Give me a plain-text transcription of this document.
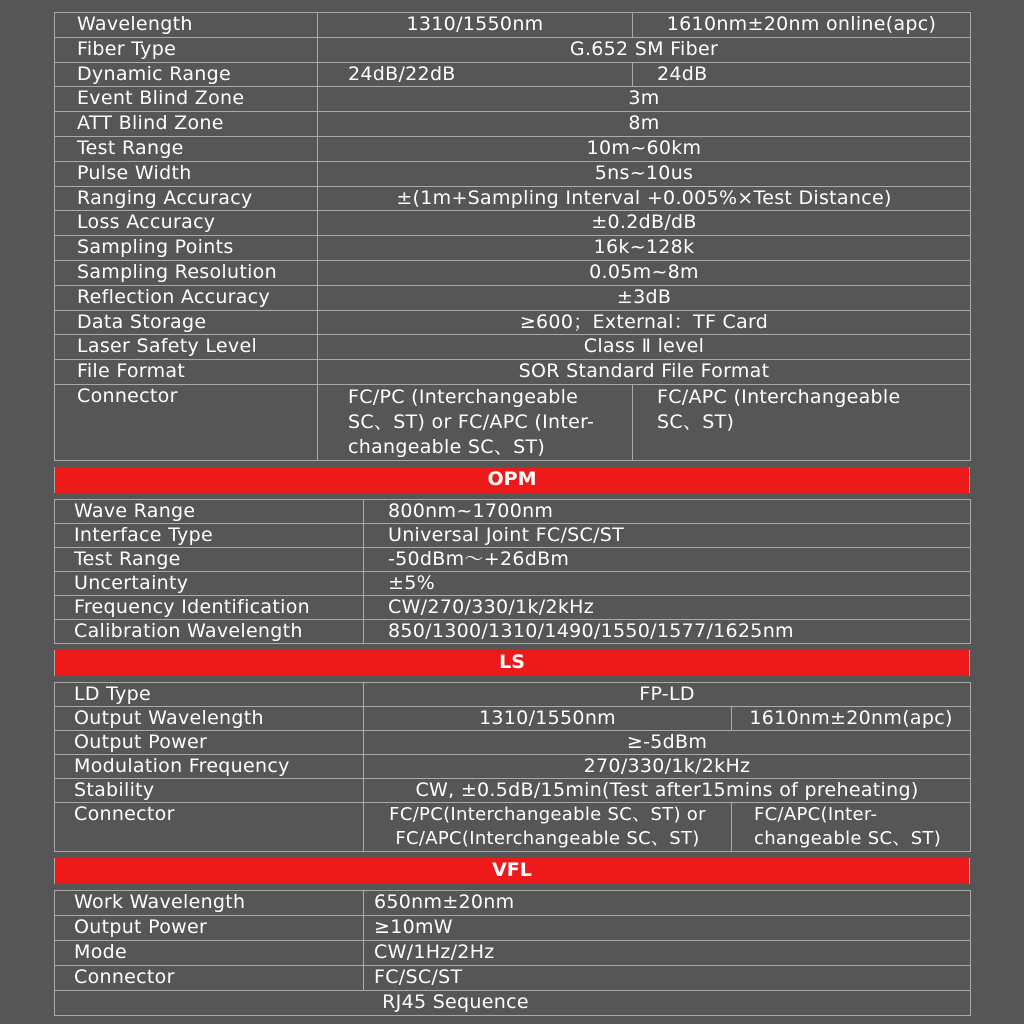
Wavelength	1310/1550nm	1610nm±20nm online(apc)
Fiber Type	G.652 SM Fiber	
Dynamic Range	24dB/22dB	24dB
Event Blind Zone	3m	
ATT Blind Zone	8m	
Test Range	10m~60km	
Pulse Width	5ns~10us	
Ranging Accuracy	±(1m+Sampling Interval +0.005%×Test Distance)	
Loss Accuracy	±0.2dB/dB	
Sampling Points	16k~128k	
Sampling Resolution	0.05m~8m	
Reflection Accuracy	±3dB	
Data Storage	≥600；External：TF Card	
Laser Safety Level	Class Ⅱ level	
File Format	SOR Standard File Format	
Connector	FC/PC (Interchangeable SC、ST) or FC/APC (Inter-changeable SC、ST)	FC/APC (Interchangeable SC、ST)
OPM
Wave Range	800nm~1700nm
Interface Type	Universal Joint FC/SC/ST
Test Range	-50dBm～+26dBm
Uncertainty	±5%
Frequency Identification	CW/270/330/1k/2kHz
Calibration Wavelength	850/1300/1310/1490/1550/1577/1625nm
LS
LD Type	FP-LD	
Output Wavelength	1310/1550nm	1610nm±20nm(apc)
Output Power	≥-5dBm	
Modulation Frequency	270/330/1k/2kHz	
Stability	CW, ±0.5dB/15min(Test after15mins of preheating)	
Connector	FC/PC(Interchangeable SC、ST) or FC/APC(Interchangeable SC、ST)	FC/APC(Inter-changeable SC、ST)
VFL
Work Wavelength	650nm±20nm
Output Power	≥10mW
Mode	CW/1Hz/2Hz
Connector	FC/SC/ST
RJ45 Sequence	
